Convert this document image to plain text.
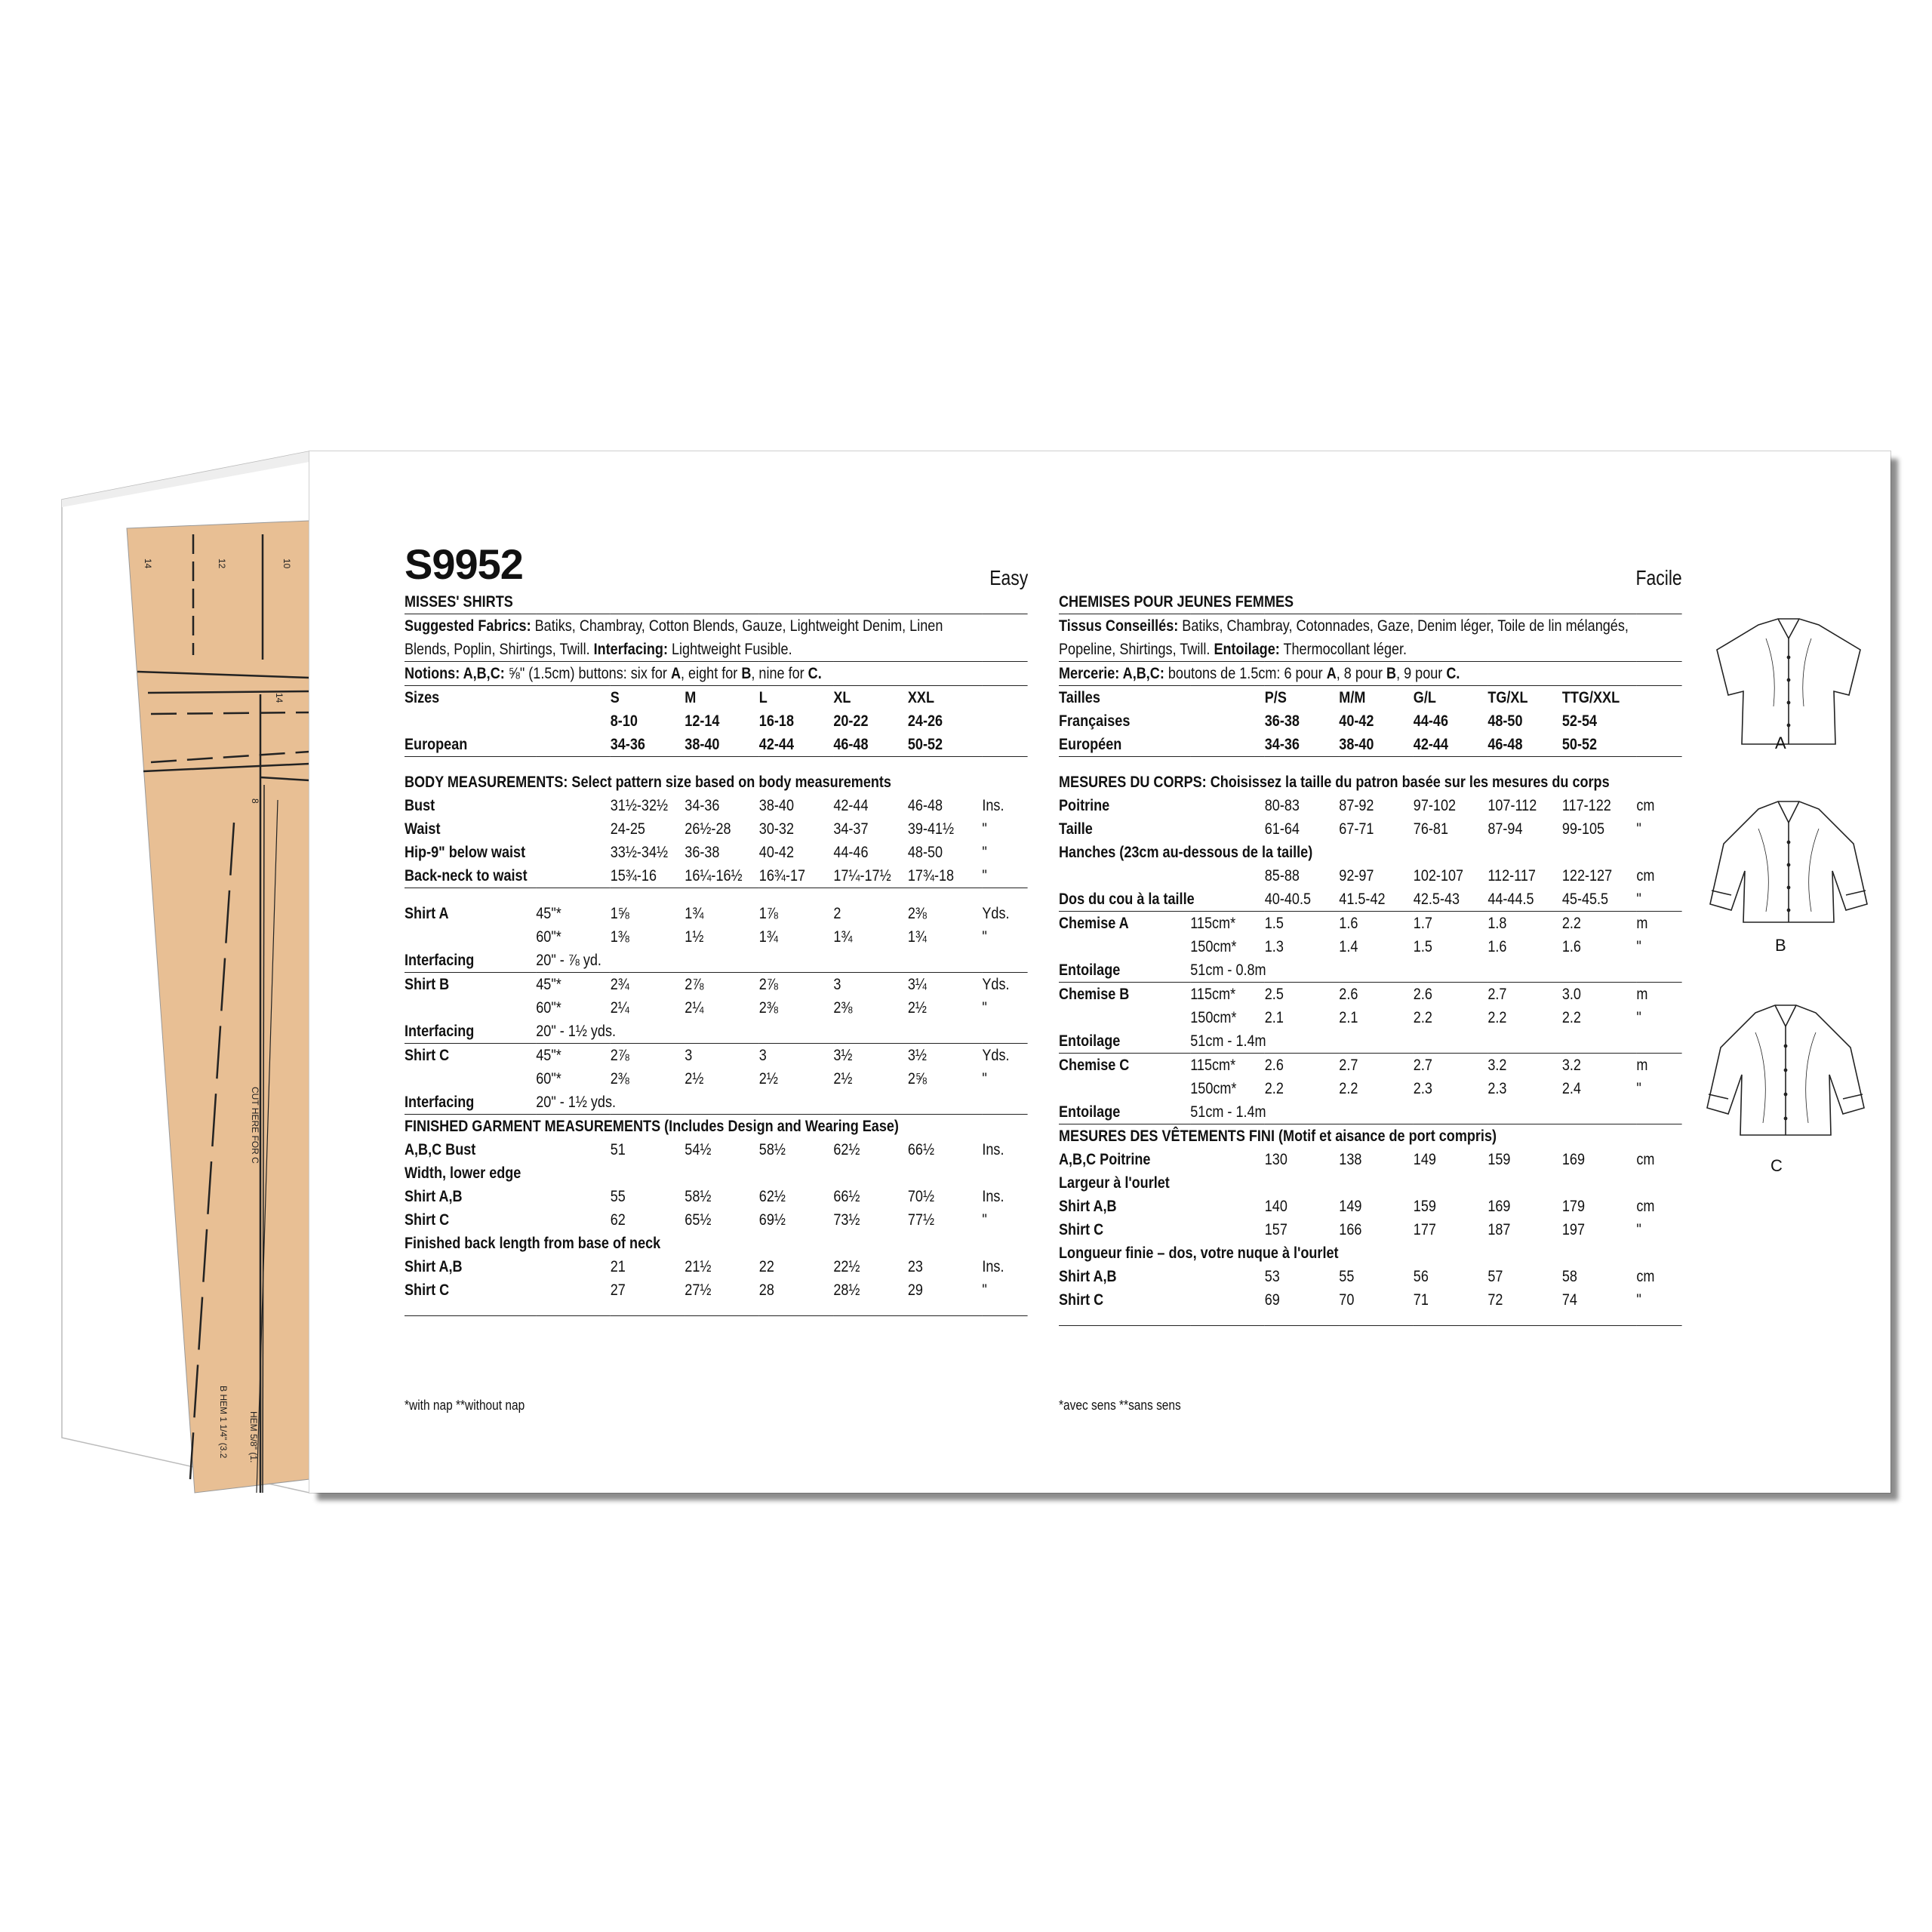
14	12	10
14
8
CUT HERE FOR C
B HEM 1 1/4" (3.2 HEM 5/8" (1.
S9952	Easy
MISSES' SHIRTS							
Suggested Fabrics: Batiks, Chambray, Cotton Blends, Gauze, Lightweight Denim, Linen							
Blends, Poplin, Shirtings, Twill. Interfacing: Lightweight Fusible.							
Notions: A,B,C: ⅝" (1.5cm) buttons: six for A, eight for B, nine for C.							
Sizes		S	M	L	XL	XXL	
		8-10	12-14	16-18	20-22	24-26	
European		34-36	38-40	42-44	46-48	50-52	

BODY MEASUREMENTS: Select pattern size based on body measurements							
Bust		31½-32½	34-36	38-40	42-44	46-48	Ins.
Waist		24-25	26½-28	30-32	34-37	39-41½	"
Hip-9" below waist		33½-34½	36-38	40-42	44-46	48-50	"
Back-neck to waist		15¾-16	16¼-16½	16¾-17	17¼-17½	17¾-18	"

Shirt A	45"*	1⅝	1¾	1⅞	2	2⅜	Yds.
	60"*	1⅜	1½	1¾	1¾	1¾	"
Interfacing	20" - ⅞ yd.						
Shirt B	45"*	2¾	2⅞	2⅞	3	3¼	Yds.
	60"*	2¼	2¼	2⅜	2⅜	2½	"
Interfacing	20" - 1½ yds.						
Shirt C	45"*	2⅞	3	3	3½	3½	Yds.
	60"*	2⅜	2½	2½	2½	2⅝	"
Interfacing	20" - 1½ yds.						
FINISHED GARMENT MEASUREMENTS (Includes Design and Wearing Ease)							
A,B,C Bust		51	54½	58½	62½	66½	Ins.
Width, lower edge							
Shirt A,B		55	58½	62½	66½	70½	Ins.
Shirt C		62	65½	69½	73½	77½	"
Finished back length from base of neck							
Shirt A,B		21	21½	22	22½	23	Ins.
Shirt C		27	27½	28	28½	29	"

*with nap **without nap
Facile
CHEMISES POUR JEUNES FEMMES							
Tissus Conseillés: Batiks, Chambray, Cotonnades, Gaze, Denim léger, Toile de lin mélangés,							
Popeline, Shirtings, Twill. Entoilage: Thermocollant léger.							
Mercerie: A,B,C: boutons de 1.5cm: 6 pour A, 8 pour B, 9 pour C.							
Tailles		P/S	M/M	G/L	TG/XL	TTG/XXL	
Françaises		36-38	40-42	44-46	48-50	52-54	
Européen		34-36	38-40	42-44	46-48	50-52	

MESURES DU CORPS: Choisissez la taille du patron basée sur les mesures du corps							
Poitrine		80-83	87-92	97-102	107-112	117-122	cm
Taille		61-64	67-71	76-81	87-94	99-105	"
Hanches (23cm au-dessous de la taille)							
		85-88	92-97	102-107	112-117	122-127	cm
Dos du cou à la taille		40-40.5	41.5-42	42.5-43	44-44.5	45-45.5	"
Chemise A	115cm*	1.5	1.6	1.7	1.8	2.2	m
	150cm*	1.3	1.4	1.5	1.6	1.6	"
Entoilage	51cm - 0.8m						
Chemise B	115cm*	2.5	2.6	2.6	2.7	3.0	m
	150cm*	2.1	2.1	2.2	2.2	2.2	"
Entoilage	51cm - 1.4m						
Chemise C	115cm*	2.6	2.7	2.7	3.2	3.2	m
	150cm*	2.2	2.2	2.3	2.3	2.4	"
Entoilage	51cm - 1.4m						
MESURES DES VÊTEMENTS FINI (Motif et aisance de port compris)							
A,B,C Poitrine		130	138	149	159	169	cm
Largeur à l'ourlet							
Shirt A,B		140	149	159	169	179	cm
Shirt C		157	166	177	187	197	"
Longueur finie – dos, votre nuque à l'ourlet							
Shirt A,B		53	55	56	57	58	cm
Shirt C		69	70	71	72	74	"

*avec sens **sans sens
A
B
C
